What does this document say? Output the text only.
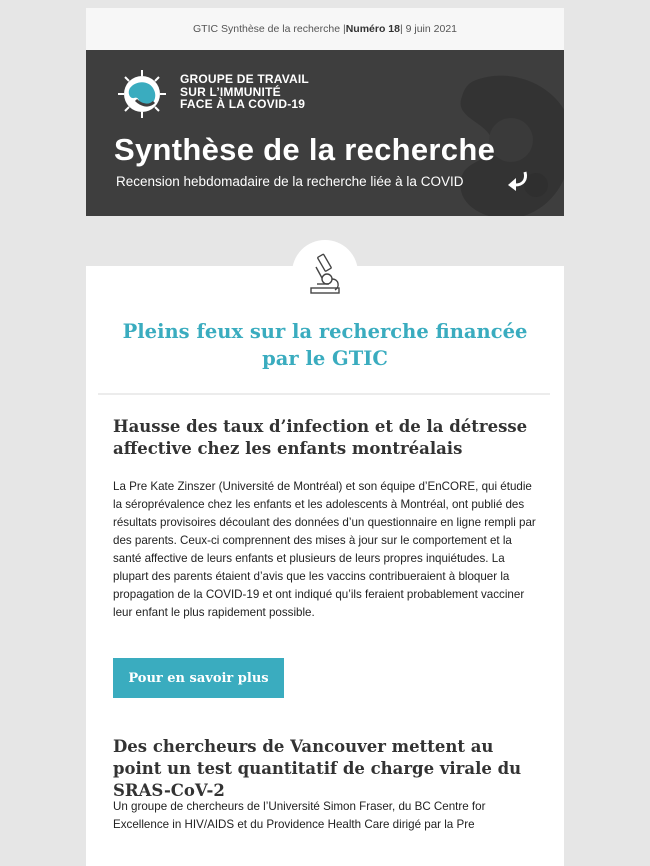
GTIC Synthèse de la recherche | Numéro 18 | 9 juin 2021
GROUPE DE TRAVAIL
SUR L’IMMUNITÉ
FACE À LA COVID-19
Synthèse de la recherche
Recension hebdomadaire de la recherche liée à la COVID
Pleins feux sur la recherche financée par le GTIC
Hausse des taux d’infection et de la détresse affective chez les enfants montréalais
La Pre Kate Zinszer (Université de Montréal) et son équipe d’EnCORE, qui étudie la séroprévalence chez les enfants et les adolescents à Montréal, ont publié des résultats provisoires découlant des données d’un questionnaire en ligne rempli par des parents. Ceux-ci comprennent des mises à jour sur le comportement et la santé affective de leurs enfants et plusieurs de leurs propres inquiétudes. La plupart des parents étaient d’avis que les vaccins contribueraient à bloquer la propagation de la COVID-19 et ont indiqué qu’ils feraient probablement vacciner leur enfant le plus rapidement possible.
Pour en savoir plus
Des chercheurs de Vancouver mettent au point un test quantitatif de charge virale du SRAS-CoV-2
Un groupe de chercheurs de l’Université Simon Fraser, du BC Centre for Excellence in HIV/AIDS et du Providence Health Care dirigé par la Pre
